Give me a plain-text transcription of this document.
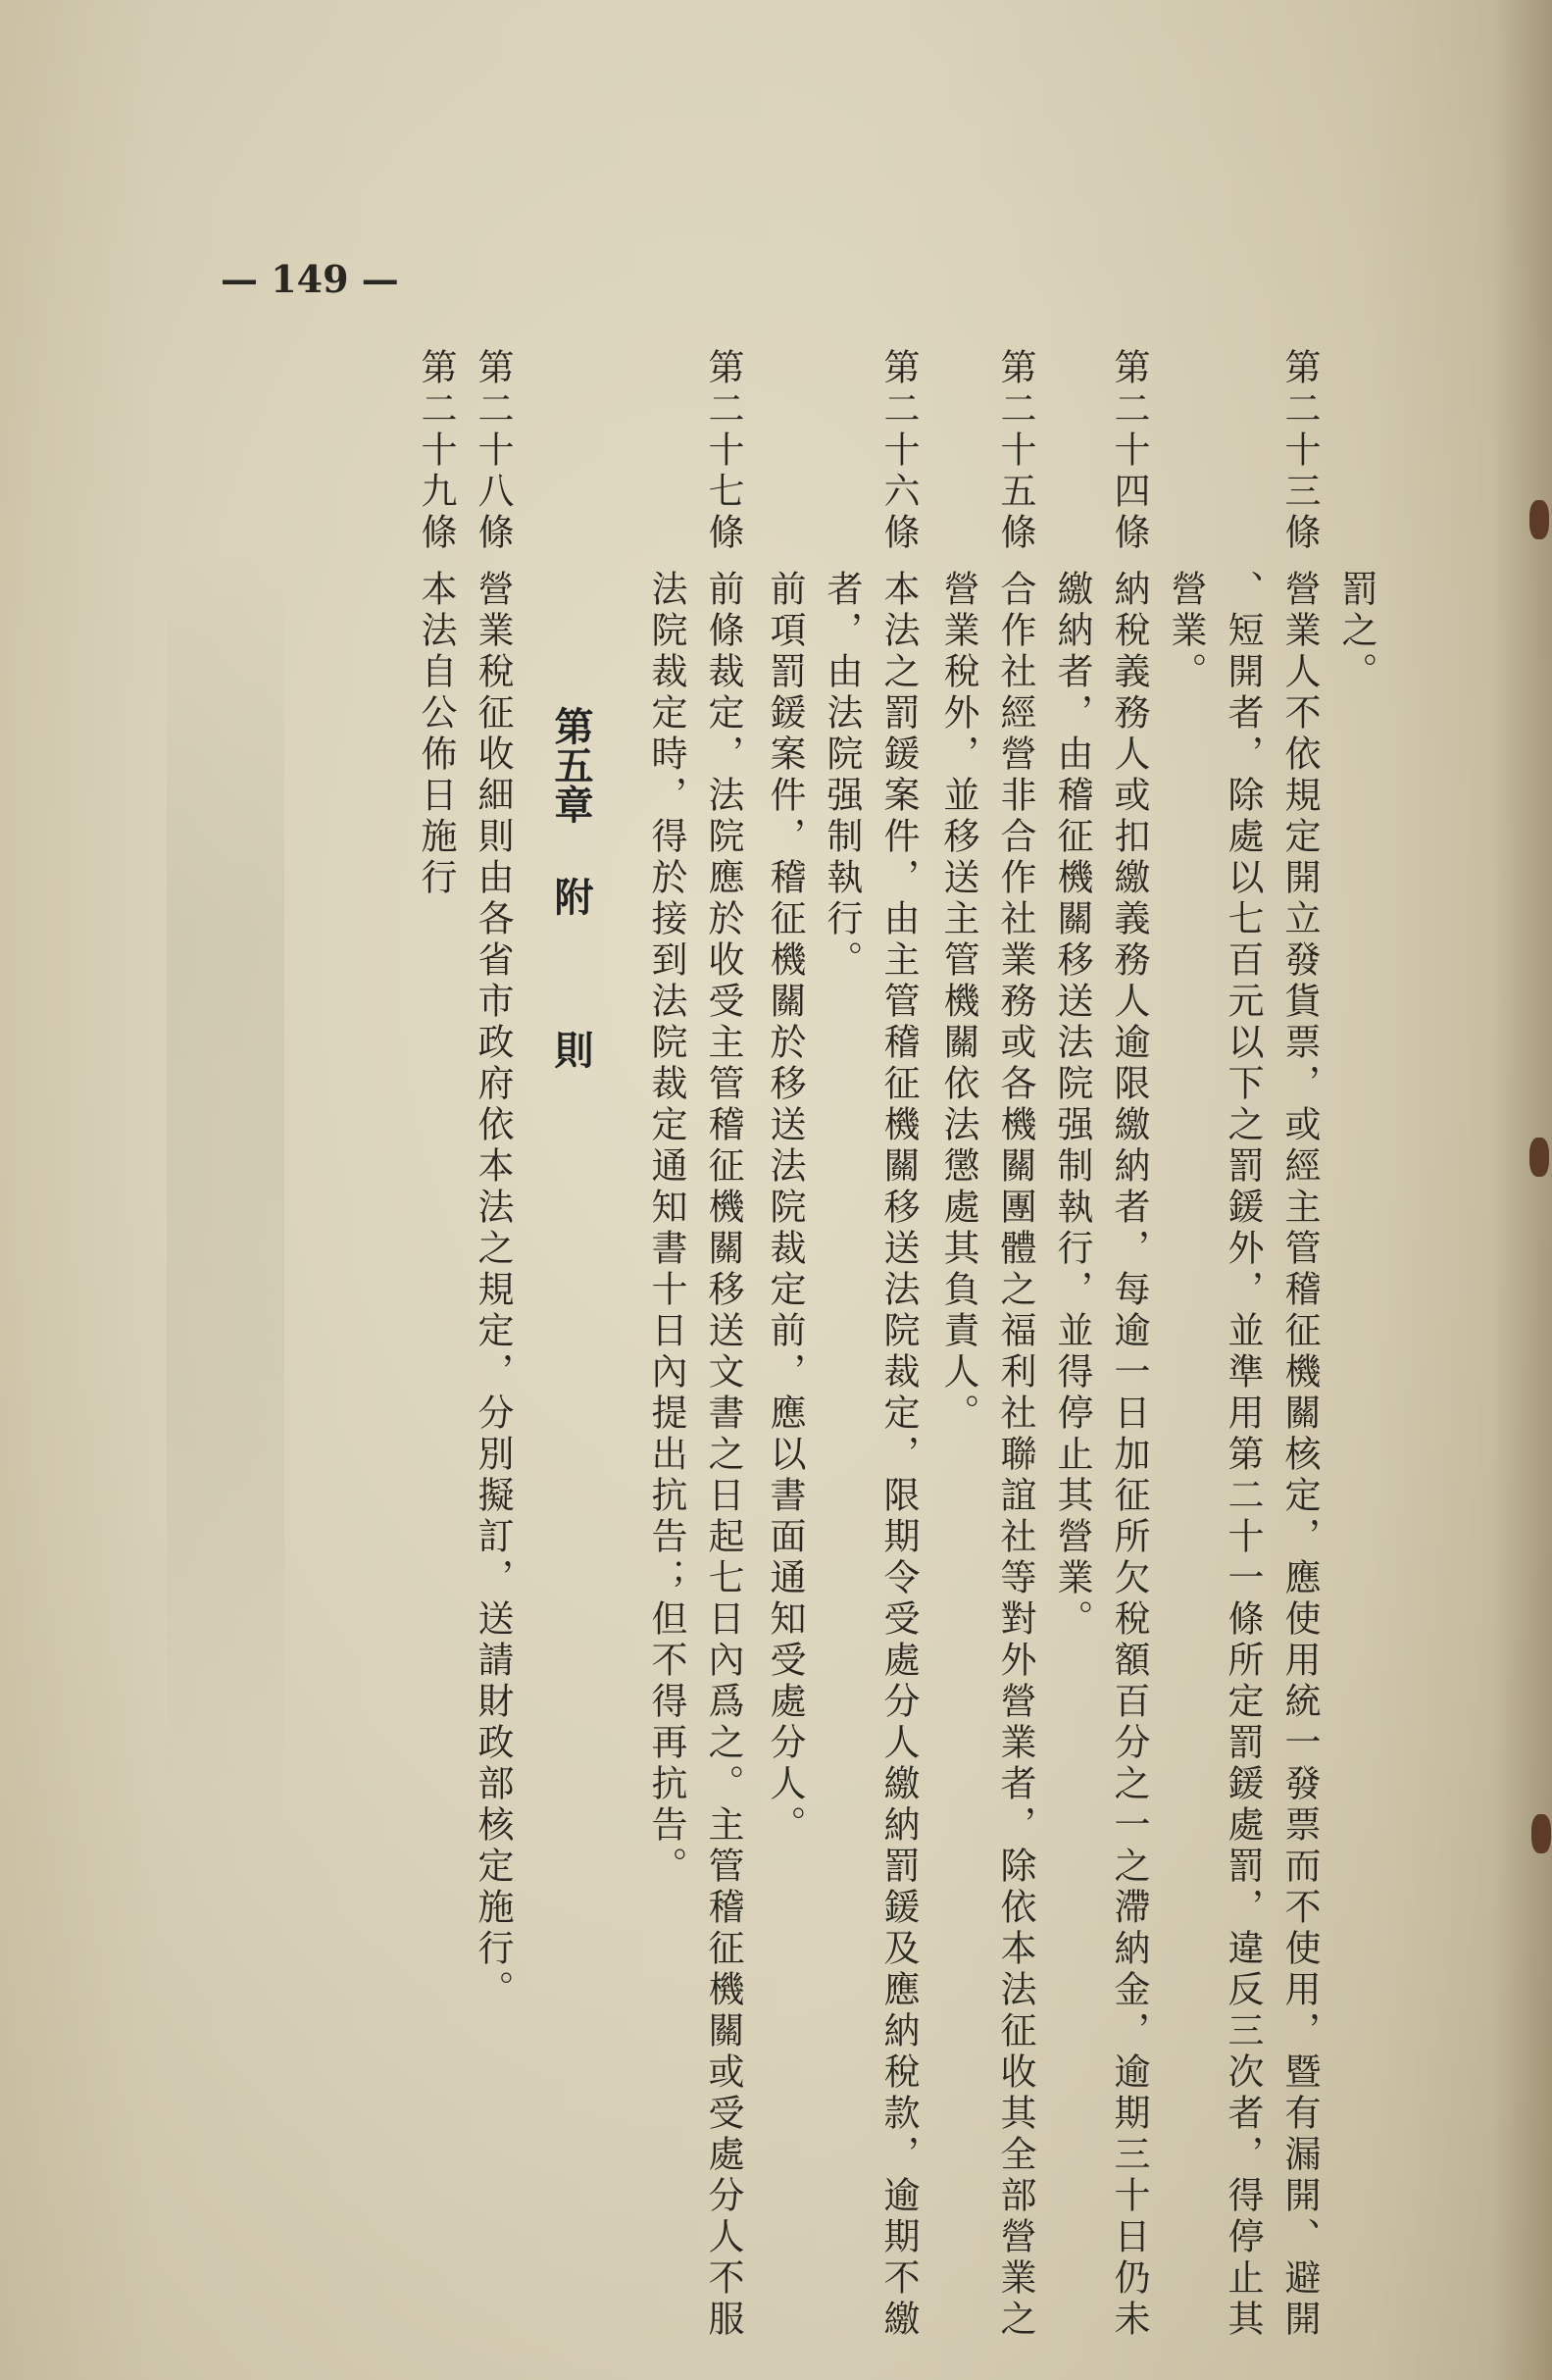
— 149 —
第二十三條
罰之。
營業人不依規定開立發貨票，或經主管稽征機關核定，應使用統一發票而不使用，暨有漏開、避開
、短開者，除處以七百元以下之罰鍰外，並準用第二十一條所定罰鍰處罰，違反三次者，得停止其
營業。
第二十四條
納稅義務人或扣繳義務人逾限繳納者，每逾一日加征所欠稅額百分之一之滯納金，逾期三十日仍未
繳納者，由稽征機關移送法院强制執行，並得停止其營業。
第二十五條
合作社經營非合作社業務或各機關團體之福利社聯誼社等對外營業者，除依本法征收其全部營業之
營業稅外，並移送主管機關依法懲處其負責人。
第二十六條
本法之罰鍰案件，由主管稽征機關移送法院裁定，限期令受處分人繳納罰鍰及應納稅款，逾期不繳
者，由法院强制執行。
前項罰鍰案件，稽征機關於移送法院裁定前，應以書面通知受處分人。
第二十七條
前條裁定，法院應於收受主管稽征機關移送文書之日起七日內爲之。主管稽征機關或受處分人不服
法院裁定時，得於接到法院裁定通知書十日內提出抗告；但不得再抗告。
第五章附則
第二十八條
營業稅征收細則由各省市政府依本法之規定，分別擬訂，送請財政部核定施行。
第二十九條
本法自公佈日施行
